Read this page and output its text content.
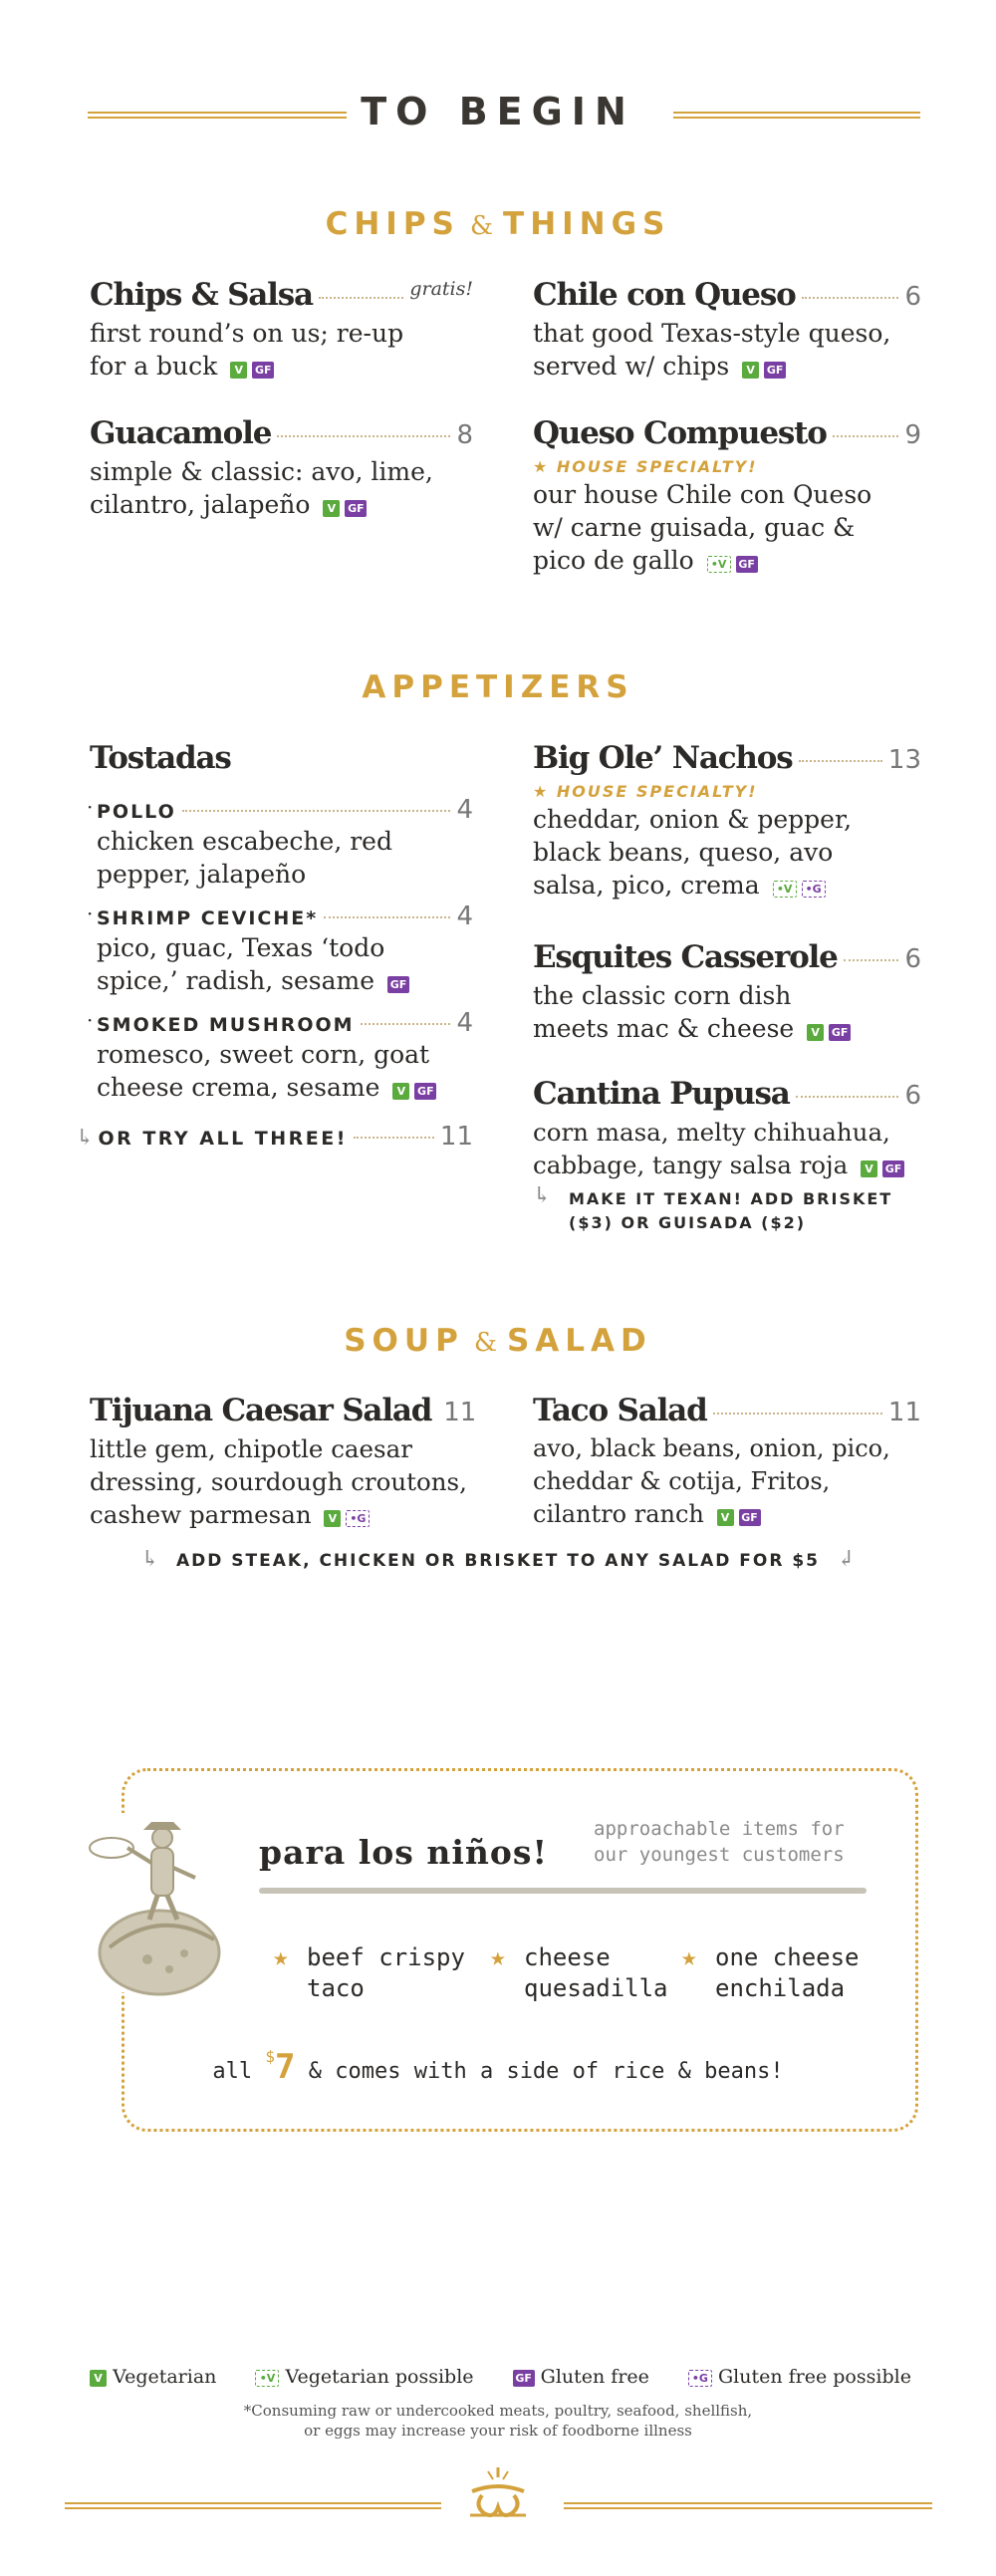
TO BEGIN
CHIPS & THINGS
Chips & Salsa	gratis!
first round’s on us; re-up
for a buck V GF
Chile con Queso	6
that good Texas-style queso,
served w/ chips V GF
Guacamole	8
simple & classic: avo, lime,
cilantro, jalapeño V GF
Queso Compuesto	9
★ HOUSE SPECIALTY!
our house Chile con Queso
w/ carne guisada, guac &
pico de gallo •V GF
APPETIZERS
Tostadas
· POLLO	4
chicken escabeche, red
pepper, jalapeño
· SHRIMP CEVICHE*	4
pico, guac, Texas ‘todo
spice,’ radish, sesame GF
· SMOKED MUSHROOM	4
romesco, sweet corn, goat
cheese crema, sesame V GF
↳ OR TRY ALL THREE!	11
Big Ole’ Nachos	13
★ HOUSE SPECIALTY!
cheddar, onion & pepper,
black beans, queso, avo
salsa, pico, crema •V •G
Esquites Casserole	6
the classic corn dish
meets mac & cheese V GF
Cantina Pupusa	6
corn masa, melty chihuahua,
cabbage, tangy salsa roja V GF
↳ MAKE IT TEXAN! ADD BRISKET
($3) OR GUISADA ($2)
SOUP & SALAD
Tijuana Caesar Salad 11
little gem, chipotle caesar
dressing, sourdough croutons,
cashew parmesan V •G
Taco Salad	11
avo, black beans, onion, pico,
cheddar & cotija, Fritos,
cilantro ranch V GF
↳ ADD STEAK, CHICKEN OR BRISKET TO ANY SALAD FOR $5 ↲
para los niños!
approachable items for
our youngest customers
★ beef crispy
taco
★ cheese
quesadilla
★ one cheese
enchilada
all $7 & comes with a side of rice & beans!
V Vegetarian	•V Vegetarian possible	GF Gluten free	•G Gluten free possible
*Consuming raw or undercooked meats, poultry, seafood, shellfish,
or eggs may increase your risk of foodborne illness
